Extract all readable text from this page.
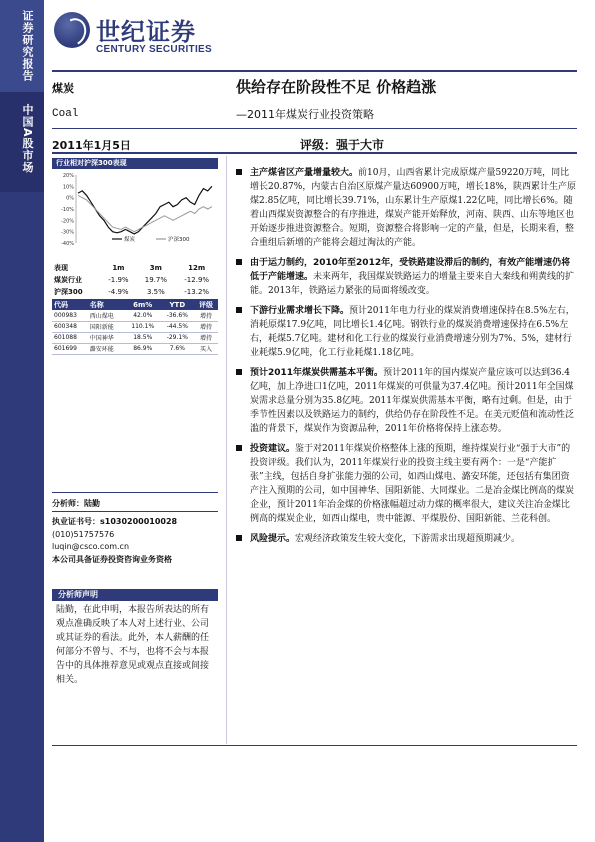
证券研究报告
中国A股市场
世纪证券
CENTURY SECURITIES
煤炭
Coal
供给存在阶段性不足 价格趋涨
—2011年煤炭行业投资策略
2011年1月5日	评级：强于大市
行业相对沪深300表现
20%
10%
0%
-10%
-20%
-30%
-40%
煤炭	沪深300
表现	1m	3m	12m
煤炭行业	-1.9%	19.7%	-12.9%
沪深300	-4.9%	3.5%	-13.2%
代码	名称	6m%	YTD	评级
000983	西山煤电	42.0%	-36.6%	增持
600348	国阳新能	110.1%	-44.5%	增持
601088	中国神华	18.5%	-29.1%	增持
601699	潞安环能	86.9%	7.6%	买入
分析师：陆勤
执业证书号：s1030200010028
(010)51757576
luqin@csco.com.cn
本公司具备证券投资咨询业务资格
分析师声明
陆勤，在此申明，本报告所表达的所有观点准确反映了本人对上述行业、公司或其证券的看法。此外，本人薪酬的任何部分不曾与、不与，也将不会与本报告中的具体推荐意见或观点直接或间接相关。
主产煤省区产量增量较大。前10月，山西省累计完成原煤产量59220万吨，同比增长20.87%，内蒙古自治区原煤产量达60900万吨，增长18%，陕西累计生产原煤2.85亿吨，同比增长39.71%，山东累计生产原煤1.22亿吨，同比增长6%。随着山西煤炭资源整合的有序推进，煤炭产能开始释放，河南、陕西、山东等地区也开始逐步推进资源整合。短期，资源整合将影响一定的产量，但是，长期来看，整合重组后新增的产能将会超过淘汰的产能。
由于运力制约，2010年至2012年，受铁路建设滞后的制约，有效产能增速仍将低于产能增速。未来两年，我国煤炭铁路运力的增量主要来自大秦线和朔黄线的扩能。2013年，铁路运力紧张的局面将缓改变。
下游行业需求增长下降。预计2011年电力行业的煤炭消费增速保持在8.5%左右，消耗原煤17.9亿吨，同比增长1.4亿吨。钢铁行业的煤炭消费增速保持在6.5%左右，耗煤5.7亿吨。建材和化工行业的煤炭行业消费增速分别为7%、5%，建材行业耗煤5.9亿吨，化工行业耗煤1.18亿吨。
预计2011年煤炭供需基本平衡。预计2011年的国内煤炭产量应该可以达到36.4亿吨，加上净进口1亿吨，2011年煤炭的可供量为37.4亿吨。预计2011年全国煤炭需求总量分别为35.8亿吨。2011年煤炭供需基本平衡，略有过剩。但是，由于季节性因素以及铁路运力的制约，供给仍存在阶段性不足。在美元贬值和流动性泛滥的背景下，煤炭作为资源品种，2011年价格将保持上涨态势。
投资建议。鉴于对2011年煤炭价格整体上涨的预期，维持煤炭行业“强于大市”的投资评级。我们认为，2011年煤炭行业的投资主线主要有两个：一是“产能扩张”主线，包括自身扩张能力强的公司，如西山煤电、潞安环能，还包括有集团资产注入预期的公司，如中国神华、国阳新能、大同煤业。二是冶金煤比例高的煤炭企业，预计2011年冶金煤的价格涨幅超过动力煤的概率很大，建议关注冶金煤比例高的煤炭企业，如西山煤电，贵中能源、平煤股份、国阳新能、兰花科创。
风险提示。宏观经济政策发生较大变化，下游需求出现超预期减少。
